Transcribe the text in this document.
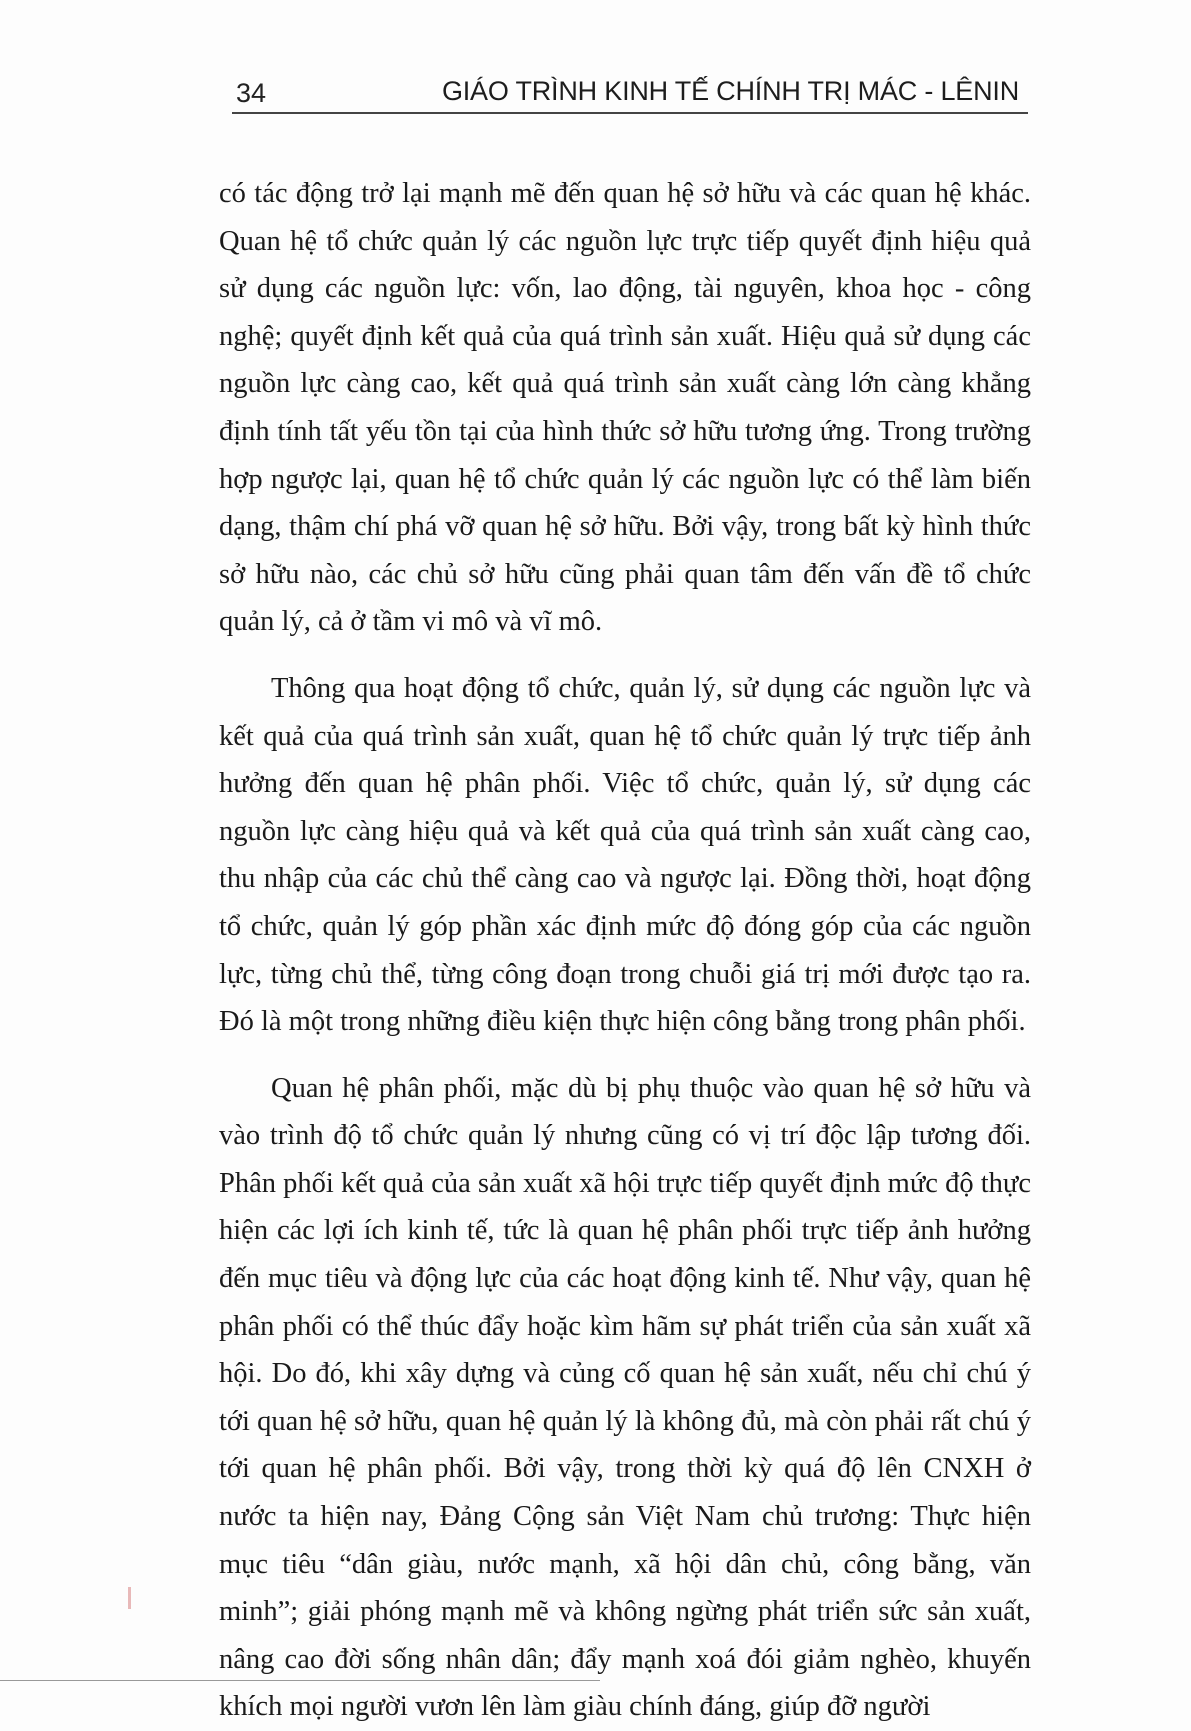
34	GIÁO TRÌNH KINH TẾ CHÍNH TRỊ MÁC - LÊNIN

có tác động trở lại mạnh mẽ đến quan hệ sở hữu và các quan hệ khác. Quan hệ tổ chức quản lý các nguồn lực trực tiếp quyết định hiệu quả sử dụng các nguồn lực: vốn, lao động, tài nguyên, khoa học - công nghệ; quyết định kết quả của quá trình sản xuất. Hiệu quả sử dụng các nguồn lực càng cao, kết quả quá trình sản xuất càng lớn càng khẳng định tính tất yếu tồn tại của hình thức sở hữu tương ứng. Trong trường hợp ngược lại, quan hệ tổ chức quản lý các nguồn lực có thể làm biến dạng, thậm chí phá vỡ quan hệ sở hữu. Bởi vậy, trong bất kỳ hình thức sở hữu nào, các chủ sở hữu cũng phải quan tâm đến vấn đề tổ chức quản lý, cả ở tầm vi mô và vĩ mô.

Thông qua hoạt động tổ chức, quản lý, sử dụng các nguồn lực và kết quả của quá trình sản xuất, quan hệ tổ chức quản lý trực tiếp ảnh hưởng đến quan hệ phân phối. Việc tổ chức, quản lý, sử dụng các nguồn lực càng hiệu quả và kết quả của quá trình sản xuất càng cao, thu nhập của các chủ thể càng cao và ngược lại. Đồng thời, hoạt động tổ chức, quản lý góp phần xác định mức độ đóng góp của các nguồn lực, từng chủ thể, từng công đoạn trong chuỗi giá trị mới được tạo ra. Đó là một trong những điều kiện thực hiện công bằng trong phân phối.

Quan hệ phân phối, mặc dù bị phụ thuộc vào quan hệ sở hữu và vào trình độ tổ chức quản lý nhưng cũng có vị trí độc lập tương đối. Phân phối kết quả của sản xuất xã hội trực tiếp quyết định mức độ thực hiện các lợi ích kinh tế, tức là quan hệ phân phối trực tiếp ảnh hưởng đến mục tiêu và động lực của các hoạt động kinh tế. Như vậy, quan hệ phân phối có thể thúc đẩy hoặc kìm hãm sự phát triển của sản xuất xã hội. Do đó, khi xây dựng và củng cố quan hệ sản xuất, nếu chỉ chú ý tới quan hệ sở hữu, quan hệ quản lý là không đủ, mà còn phải rất chú ý tới quan hệ phân phối. Bởi vậy, trong thời kỳ quá độ lên CNXH ở nước ta hiện nay, Đảng Cộng sản Việt Nam chủ trương: Thực hiện mục tiêu “dân giàu, nước mạnh, xã hội dân chủ, công bằng, văn minh”; giải phóng mạnh mẽ và không ngừng phát triển sức sản xuất, nâng cao đời sống nhân dân; đẩy mạnh xoá đói giảm nghèo, khuyến khích mọi người vươn lên làm giàu chính đáng, giúp đỡ người
